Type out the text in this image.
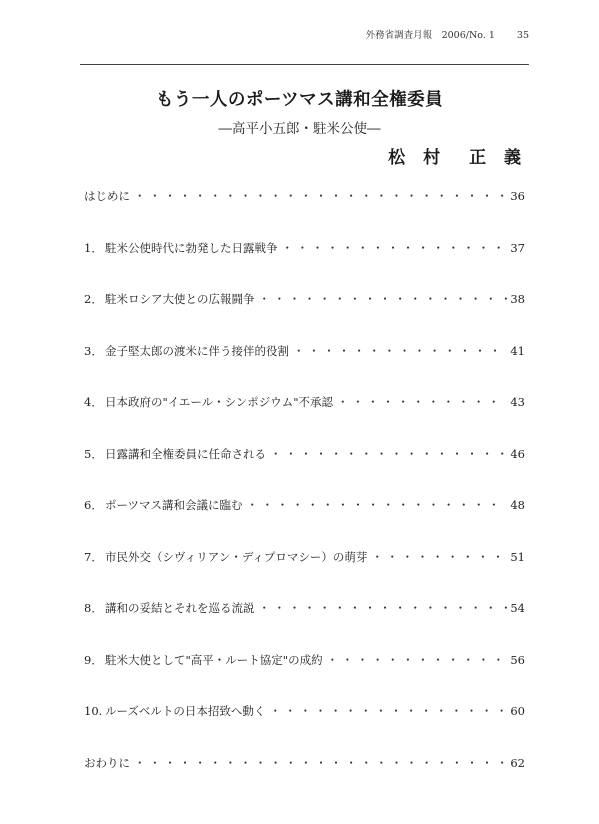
外務省調査月報　2006/No. 1 35
もう一人のポーツマス講和全権委員
―高平小五郎・駐米公使―
松 村　正 義
はじめに ・・・・・・・・・・・・・・・・・・・・・・・・・・・・・・・・・・・・・・・・・・・・・・・・・・	36
1． 駐米公使時代に勃発した日露戦争 ・・・・・・・・・・・・・・・・・・・・・・・・・・・・・・・・・・・・・・・・・・・・・・・・・・	37
2． 駐米ロシア大使との広報闘争 ・・・・・・・・・・・・・・・・・・・・・・・・・・・・・・・・・・・・・・・・・・・・・・・・・・	38
3． 金子堅太郎の渡米に伴う接伴的役割 ・・・・・・・・・・・・・・・・・・・・・・・・・・・・・・・・・・・・・・・・・・・・・・・・・・	41
4． 日本政府の"イエール・シンポジウム"不承認 ・・・・・・・・・・・・・・・・・・・・・・・・・・・・・・・・・・・・・・・・・・・・・・・・・・	43
5． 日露講和全権委員に任命される ・・・・・・・・・・・・・・・・・・・・・・・・・・・・・・・・・・・・・・・・・・・・・・・・・・	46
6． ポーツマス講和会議に臨む ・・・・・・・・・・・・・・・・・・・・・・・・・・・・・・・・・・・・・・・・・・・・・・・・・・	48
7． 市民外交（シヴィリアン・ディプロマシー）の萌芽 ・・・・・・・・・・・・・・・・・・・・・・・・・・・・・・・・・・・・・・・・・・・・・・・・・・	51
8． 講和の妥結とそれを巡る流説 ・・・・・・・・・・・・・・・・・・・・・・・・・・・・・・・・・・・・・・・・・・・・・・・・・・	54
9． 駐米大使として"高平・ルート協定"の成約 ・・・・・・・・・・・・・・・・・・・・・・・・・・・・・・・・・・・・・・・・・・・・・・・・・・	56
10. ルーズベルトの日本招致へ動く ・・・・・・・・・・・・・・・・・・・・・・・・・・・・・・・・・・・・・・・・・・・・・・・・・・	60
おわりに ・・・・・・・・・・・・・・・・・・・・・・・・・・・・・・・・・・・・・・・・・・・・・・・・・・	62
